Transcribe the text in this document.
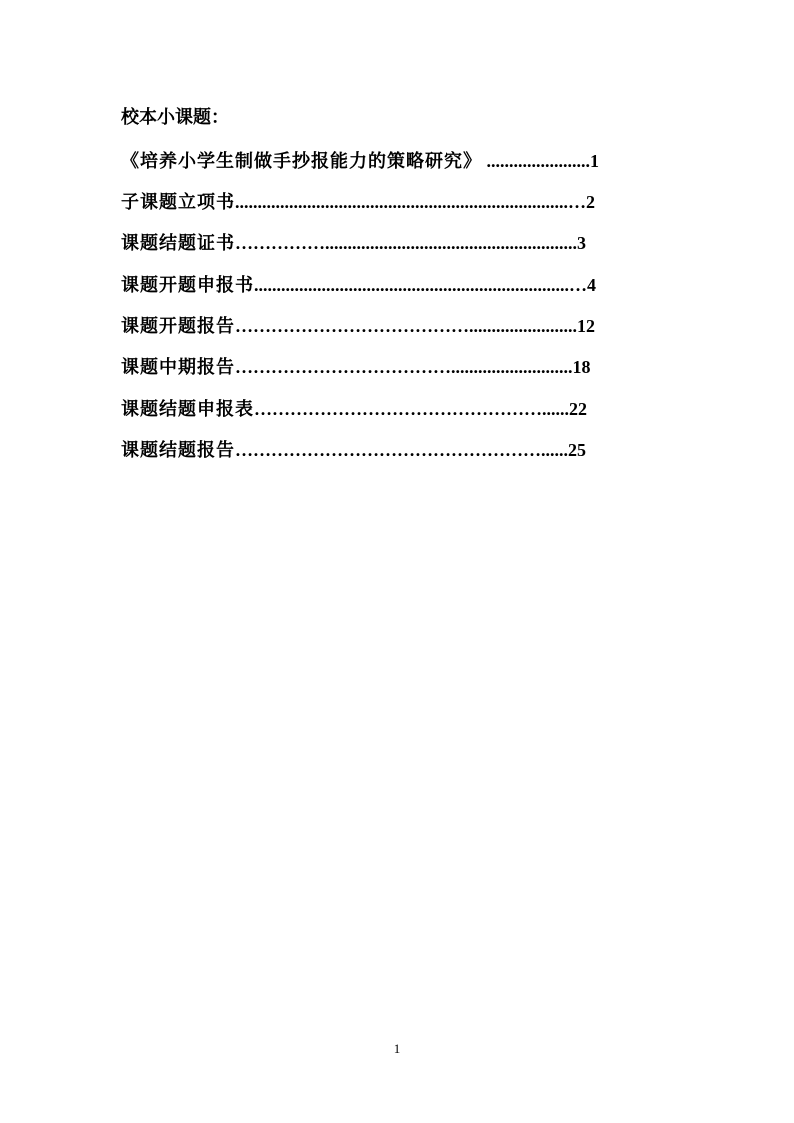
校本小课题：
《培养小学生制做手抄报能力的策略研究》 .......................1
子课题立项书..........................................................................…2
课题结题证书……………........................................................3
课题开题申报书......................................................................…4
课题开题报告…………………………………........................12
课题中期报告………………………………...........................18
课题结题申报表…………………………………………......22
课题结题报告……………………………………………......25
1
